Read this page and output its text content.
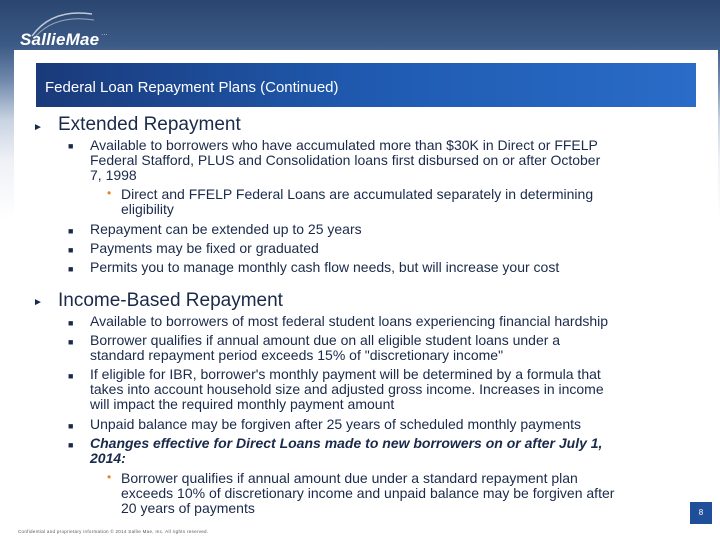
SallieMae ...
Federal Loan Repayment Plans (Continued)
► Extended Repayment
■ Available to borrowers who have accumulated more than $30K in Direct or FFELP
Federal Stafford, PLUS and Consolidation loans first disbursed on or after October
7, 1998
• Direct and FFELP Federal Loans are accumulated separately in determining
eligibility
■ Repayment can be extended up to 25 years
■ Payments may be fixed or graduated
■ Permits you to manage monthly cash flow needs, but will increase your cost
► Income-Based Repayment
■ Available to borrowers of most federal student loans experiencing financial hardship
■ Borrower qualifies if annual amount due on all eligible student loans under a
standard repayment period exceeds 15% of "discretionary income"
■ If eligible for IBR, borrower's monthly payment will be determined by a formula that
takes into account household size and adjusted gross income. Increases in income
will impact the required monthly payment amount
■ Unpaid balance may be forgiven after 25 years of scheduled monthly payments
■ Changes effective for Direct Loans made to new borrowers on or after July 1,
2014:
• Borrower qualifies if annual amount due under a standard repayment plan
exceeds 10% of discretionary income and unpaid balance may be forgiven after
20 years of payments	8
Confidential and proprietary information © 2014 Sallie Mae, Inc. All rights reserved.
